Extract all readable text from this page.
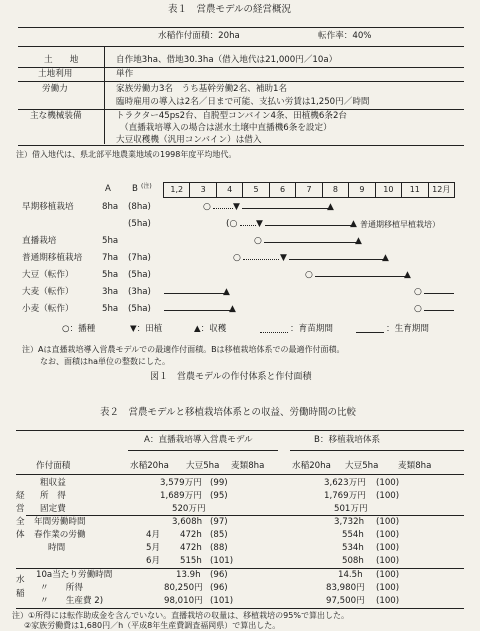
表１　営農モデルの経営概況
水稲作付面積：20ha	転作率：40%
土　　地	自作地3ha、借地30.3ha（借入地代は21,000円／10a）
土地利用	単作
労働力	家族労働力3名　うち基幹労働2名、補助1名
臨時雇用の導入は2名／日まで可能、支払い労賃は1,250円／時間
主な機械装備	トラクター45ps2台、自脱型コンバイン4条、田植機6条2台
（直播栽培導入の場合は湛水土壌中直播機6条を設定）
大豆収穫機（汎用コンバイン）は借入
注）借入地代は、県北部平地農業地域の1998年度平均地代。
A B (注)	1,2	3	4	5	6	7	8	9	10	11	12月
早期移植栽培	8ha (8ha)	○ ▼	▲
(5ha)	(○ ▼	▲ 普通期移植早植栽培）
直播栽培	5ha	○	▲
普通期移植栽培 7ha (7ha)	○	▼	▲
大豆（転作）	5ha (5ha)	○	▲
大麦（転作）	3ha (3ha)	▲	○
小麦（転作）	5ha (5ha)	▲	○
○：播種	▼：田植	▲：収穫	：育苗期間	：生育期間
注）Aは直播栽培導入営農モデルでの最適作付面積。Bは移植栽培体系での最適作付面積。
なお、面積はha単位の整数にした。
図１　営農モデルの作付体系と作付面積
表２　営農モデルと移植栽培体系との収益、労働時間の比較
A：直播栽培導入営農モデル	B：移植栽培体系
作付面積	水稲20ha 大豆5ha 麦類8ha	水稲20ha 大豆5ha 麦類8ha
経
営
全
体
水
稲
粗収益	3,579万円 (99)	3,623万円 (100)
所　得	1,689万円 (95)	1,769万円 (100)
固定費	520万円	501万円
年間労働時間	3,608h (97)	3,732h (100)
春作業の労働	4月 472h (85)	554h (100)
時間	5月 472h (88)	534h (100)
6月 515h (101)	508h (100)
10a当たり労働時間	13.9h (96)	14.5h (100)
〃　　所得	80,250円 (96)	83,980円 (100)
〃　　生産費 2)	98,010円 (101)	97,500円 (100)
注）①所得には転作助成金を含んでいない。直播栽培の収量は、移植栽培の95%で算出した。
②家族労働費は1,680円／h（平成8年生産費調査福岡県）で算出した。
